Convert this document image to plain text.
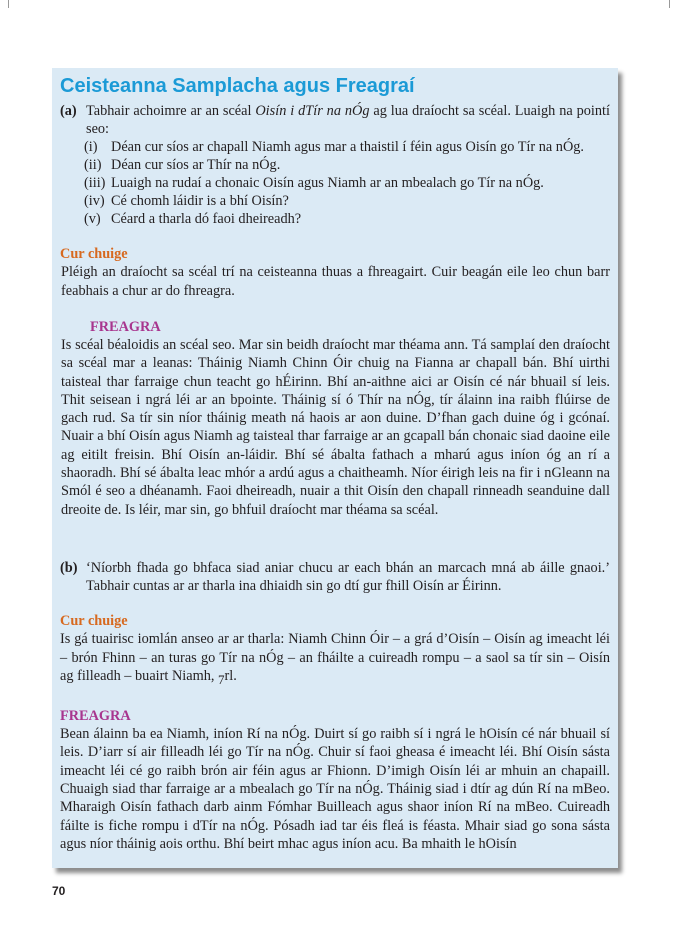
Ceisteanna Samplacha agus Freagraí
(a) Tabhair achoimre ar an scéal Oisín i dTír na nÓg ag lua draíocht sa scéal. Luaigh na pointí seo:
(i) Déan cur síos ar chapall Niamh agus mar a thaistil í féin agus Oisín go Tír na nÓg.
(ii) Déan cur síos ar Thír na nÓg.
(iii) Luaigh na rudaí a chonaic Oisín agus Niamh ar an mbealach go Tír na nÓg.
(iv) Cé chomh láidir is a bhí Oisín?
(v) Céard a tharla dó faoi dheireadh?
Cur chuige
Pléigh an draíocht sa scéal trí na ceisteanna thuas a fhreagairt. Cuir beagán eile leo chun barr feabhais a chur ar do fhreagra.
FREAGRA
Is scéal béaloidis an scéal seo. Mar sin beidh draíocht mar théama ann. Tá samplaí den draíocht sa scéal mar a leanas: Tháinig Niamh Chinn Óir chuig na Fianna ar chapall bán. Bhí uirthi taisteal thar farraige chun teacht go hÉirinn. Bhí an-aithne aici ar Oisín cé nár bhuail sí leis. Thit seisean i ngrá léi ar an bpointe. Tháinig sí ó Thír na nÓg, tír álainn ina raibh flúirse de gach rud. Sa tír sin níor tháinig meath ná haois ar aon duine. D’fhan gach duine óg i gcónaí. Nuair a bhí Oisín agus Niamh ag taisteal thar farraige ar an gcapall bán chonaic siad daoine eile ag eitilt freisin. Bhí Oisín an-láidir. Bhí sé ábalta fathach a mharú agus iníon óg an rí a shaoradh. Bhí sé ábalta leac mhór a ardú agus a chaitheamh. Níor éirigh leis na fir i nGleann na Smól é seo a dhéanamh. Faoi dheireadh, nuair a thit Oisín den chapall rinneadh seanduine dall dreoite de. Is léir, mar sin, go bhfuil draíocht mar théama sa scéal.
(b) ‘Níorbh fhada go bhfaca siad aniar chucu ar each bhán an marcach mná ab áille gnaoi.’ Tabhair cuntas ar ar tharla ina dhiaidh sin go dtí gur fhill Oisín ar Éirinn.
Cur chuige
Is gá tuairisc iomlán anseo ar ar tharla: Niamh Chinn Óir – a grá d’Oisín – Oisín ag imeacht léi – brón Fhinn – an turas go Tír na nÓg – an fháilte a cuireadh rompu – a saol sa tír sin – Oisín ag filleadh – buairt Niamh, $_7$rl.
FREAGRA
Bean álainn ba ea Niamh, iníon Rí na nÓg. Duirt sí go raibh sí i ngrá le hOisín cé nár bhuail sí leis. D’iarr sí air filleadh léi go Tír na nÓg. Chuir sí faoi gheasa é imeacht léi. Bhí Oisín sásta imeacht léi cé go raibh brón air féin agus ar Fhionn. D’imigh Oisín léi ar mhuin an chapaill. Chuaigh siad thar farraige ar a mbealach go Tír na nÓg. Tháinig siad i dtír ag dún Rí na mBeo. Mharaigh Oisín fathach darb ainm Fómhar Builleach agus shaor iníon Rí na mBeo. Cuireadh fáilte is fiche rompu i dTír na nÓg. Pósadh iad tar éis fleá is féasta. Mhair siad go sona sásta agus níor tháinig aois orthu. Bhí beirt mhac agus iníon acu. Ba mhaith le hOisín
70
